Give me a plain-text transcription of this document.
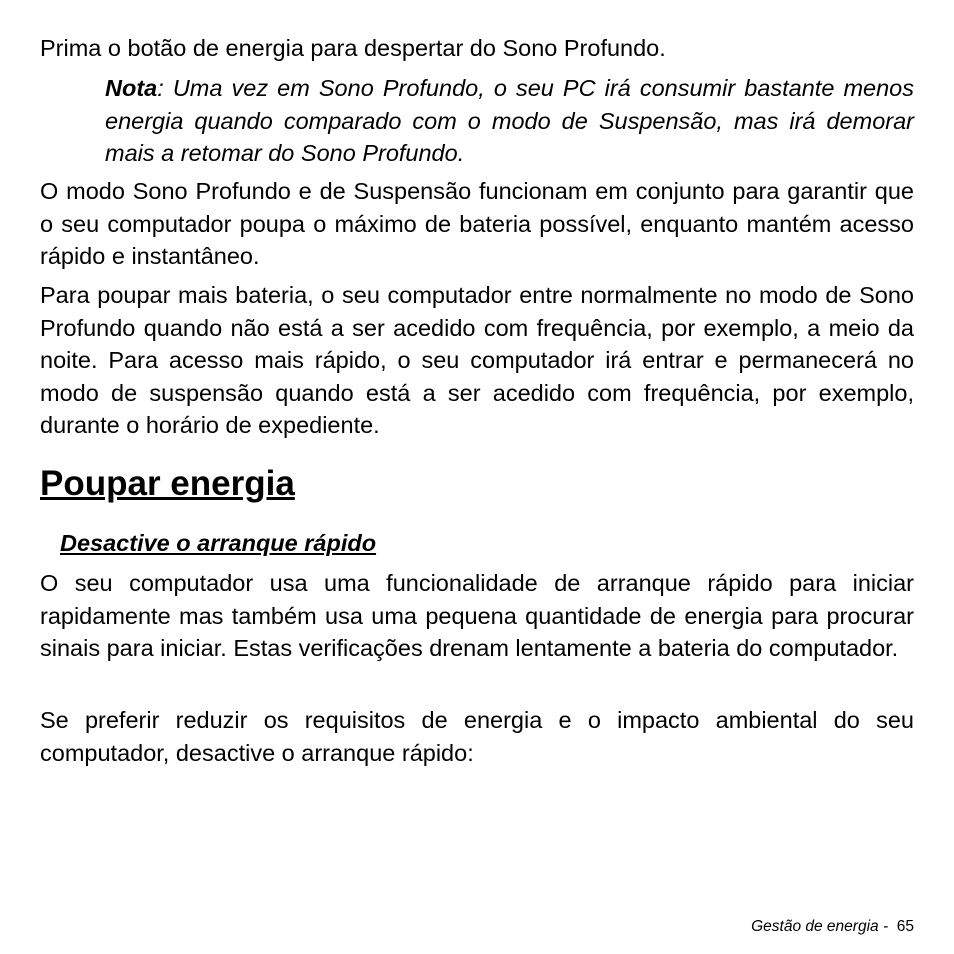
Prima o botão de energia para despertar do Sono Profundo.

Nota: Uma vez em Sono Profundo, o seu PC irá consumir bastante menos energia quando comparado com o modo de Suspensão, mas irá demorar mais a retomar do Sono Profundo.

O modo Sono Profundo e de Suspensão funcionam em conjunto para garantir que o seu computador poupa o máximo de bateria possível, enquanto mantém acesso rápido e instantâneo.

Para poupar mais bateria, o seu computador entre normalmente no modo de Sono Profundo quando não está a ser acedido com frequência, por exemplo, a meio da noite. Para acesso mais rápido, o seu computador irá entrar e permanecerá no modo de suspensão quando está a ser acedido com frequência, por exemplo, durante o horário de expediente.

Poupar energia
Desactive o arranque rápido

O seu computador usa uma funcionalidade de arranque rápido para iniciar rapidamente mas também usa uma pequena quantidade de energia para procurar sinais para iniciar. Estas verificações drenam lentamente a bateria do computador.

Se preferir reduzir os requisitos de energia e o impacto ambiental do seu computador, desactive o arranque rápido:

Gestão de energia - 65
